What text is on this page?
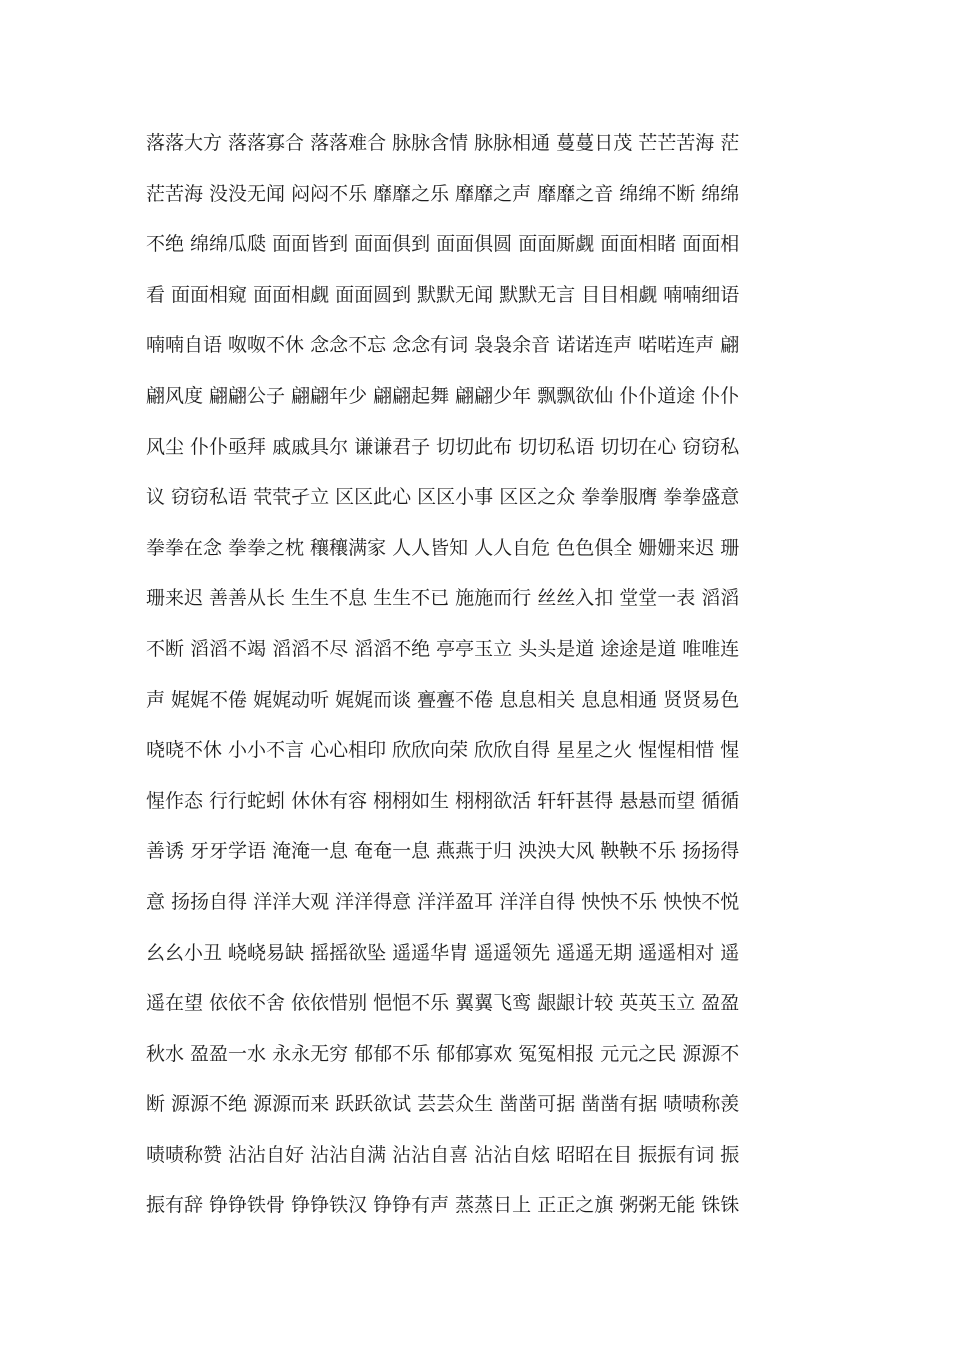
落落大方 落落寡合 落落难合 脉脉含情 脉脉相通 蔓蔓日茂 芒芒苦海 茫
茫苦海 没没无闻 闷闷不乐 靡靡之乐 靡靡之声 靡靡之音 绵绵不断 绵绵
不绝 绵绵瓜瓞 面面皆到 面面俱到 面面俱圆 面面厮觑 面面相睹 面面相
看 面面相窥 面面相觑 面面圆到 默默无闻 默默无言 目目相觑 喃喃细语
喃喃自语 呶呶不休 念念不忘 念念有词 袅袅余音 诺诺连声 喏喏连声 翩
翩风度 翩翩公子 翩翩年少 翩翩起舞 翩翩少年 飘飘欲仙 仆仆道途 仆仆
风尘 仆仆亟拜 戚戚具尔 谦谦君子 切切此布 切切私语 切切在心 窃窃私
议 窃窃私语 茕茕孑立 区区此心 区区小事 区区之众 拳拳服膺 拳拳盛意
拳拳在念 拳拳之枕 穰穰满家 人人皆知 人人自危 色色俱全 姗姗来迟 珊
珊来迟 善善从长 生生不息 生生不已 施施而行 丝丝入扣 堂堂一表 滔滔
不断 滔滔不竭 滔滔不尽 滔滔不绝 亭亭玉立 头头是道 途途是道 唯唯连
声 娓娓不倦 娓娓动听 娓娓而谈 亹亹不倦 息息相关 息息相通 贤贤易色
哓哓不休 小小不言 心心相印 欣欣向荣 欣欣自得 星星之火 惺惺相惜 惺
惺作态 行行蛇蚓 休休有容 栩栩如生 栩栩欲活 轩轩甚得 悬悬而望 循循
善诱 牙牙学语 淹淹一息 奄奄一息 燕燕于归 泱泱大风 鞅鞅不乐 扬扬得
意 扬扬自得 洋洋大观 洋洋得意 洋洋盈耳 洋洋自得 怏怏不乐 怏怏不悦
幺幺小丑 峣峣易缺 摇摇欲坠 遥遥华胄 遥遥领先 遥遥无期 遥遥相对 遥
遥在望 依依不舍 依依惜别 悒悒不乐 翼翼飞鸾 龈龈计较 英英玉立 盈盈
秋水 盈盈一水 永永无穷 郁郁不乐 郁郁寡欢 冤冤相报 元元之民 源源不
断 源源不绝 源源而来 跃跃欲试 芸芸众生 凿凿可据 凿凿有据 啧啧称羡
啧啧称赞 沾沾自好 沾沾自满 沾沾自喜 沾沾自炫 昭昭在目 振振有词 振
振有辞 铮铮铁骨 铮铮铁汉 铮铮有声 蒸蒸日上 正正之旗 粥粥无能 铢铢
